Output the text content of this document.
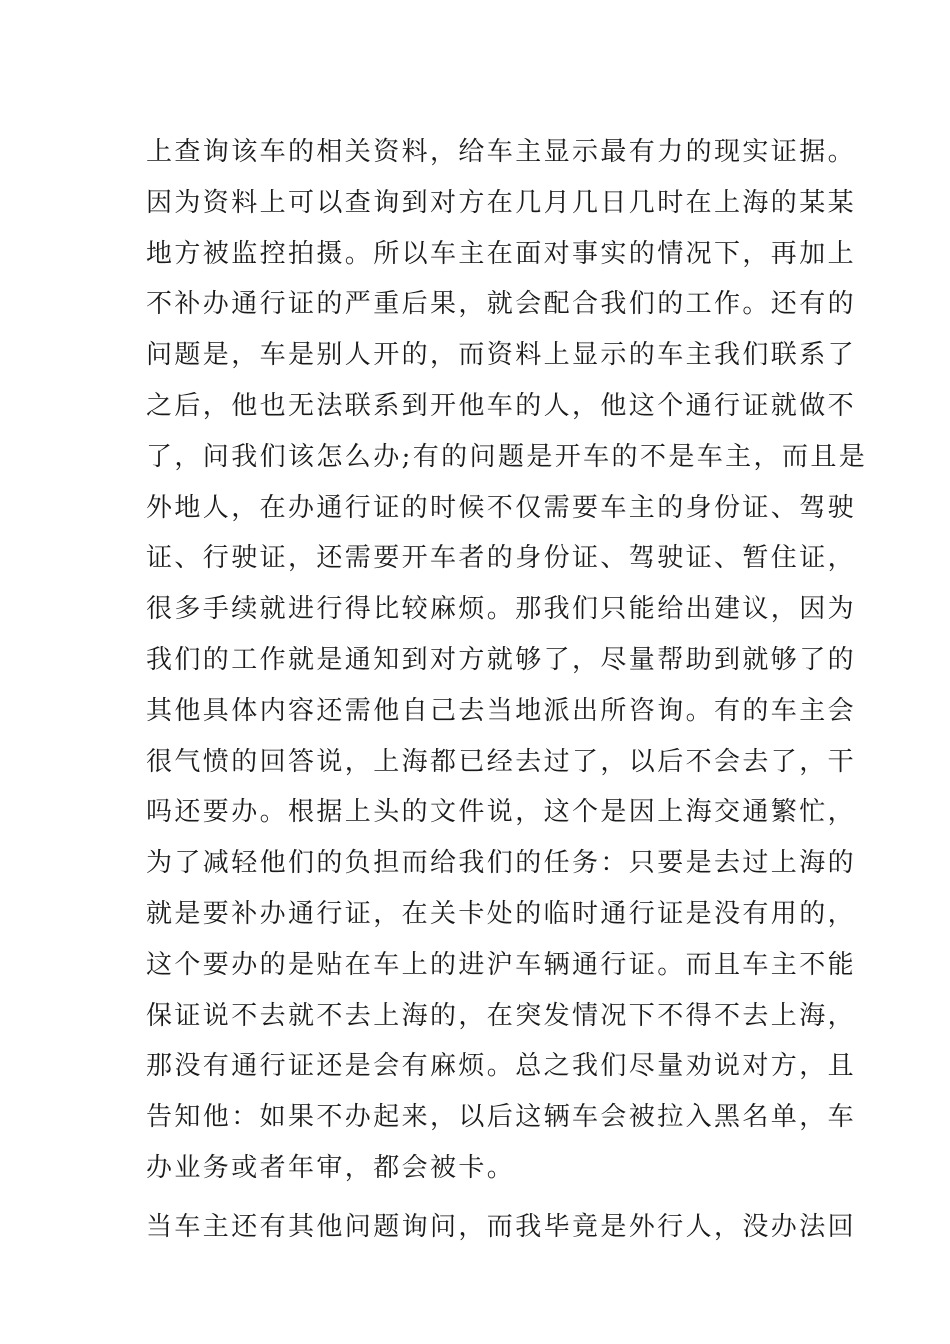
上查询该车的相关资料，给车主显示最有力的现实证据。
因为资料上可以查询到对方在几月几日几时在上海的某某
地方被监控拍摄。所以车主在面对事实的情况下，再加上
不补办通行证的严重后果，就会配合我们的工作。还有的
问题是，车是别人开的，而资料上显示的车主我们联系了
之后，他也无法联系到开他车的人，他这个通行证就做不
了，问我们该怎么办;有的问题是开车的不是车主，而且是
外地人，在办通行证的时候不仅需要车主的身份证、驾驶
证、行驶证，还需要开车者的身份证、驾驶证、暂住证，
很多手续就进行得比较麻烦。那我们只能给出建议，因为
我们的工作就是通知到对方就够了，尽量帮助到就够了的
其他具体内容还需他自己去当地派出所咨询。有的车主会
很气愤的回答说，上海都已经去过了，以后不会去了，干
吗还要办。根据上头的文件说，这个是因上海交通繁忙，
为了减轻他们的负担而给我们的任务：只要是去过上海的
就是要补办通行证，在关卡处的临时通行证是没有用的，
这个要办的是贴在车上的进沪车辆通行证。而且车主不能
保证说不去就不去上海的，在突发情况下不得不去上海，
那没有通行证还是会有麻烦。总之我们尽量劝说对方，且
告知他：如果不办起来，以后这辆车会被拉入黑名单，车
办业务或者年审，都会被卡。
当车主还有其他问题询问，而我毕竟是外行人，没办法回
